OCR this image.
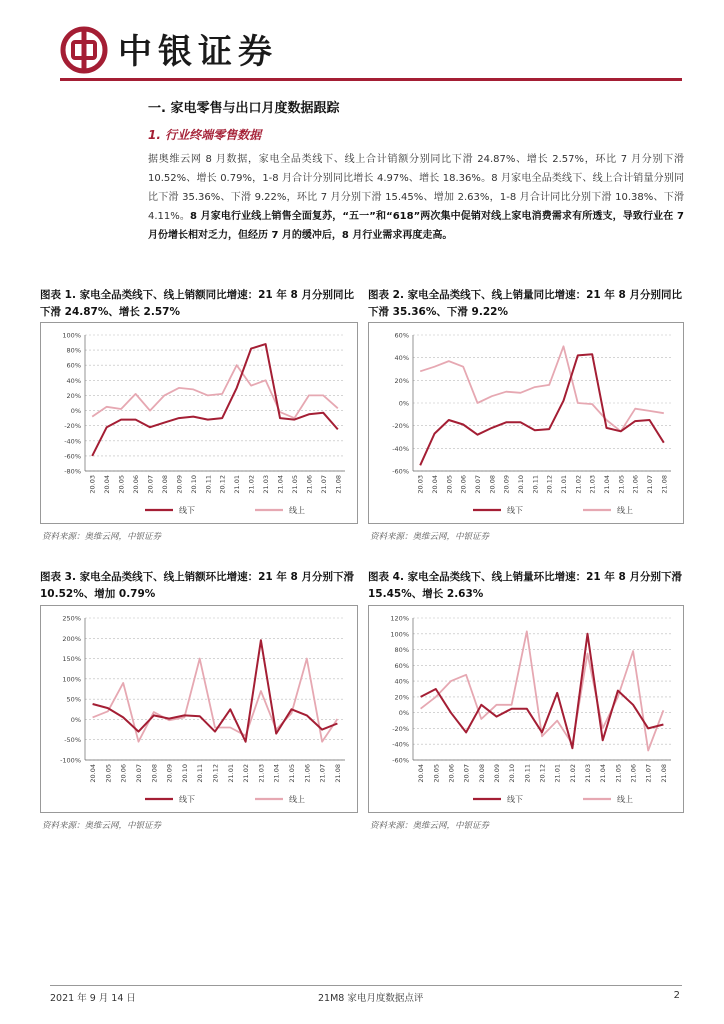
中银证券
一. 家电零售与出口月度数据跟踪
1. 行业终端零售数据
据奥维云网 8 月数据，家电全品类线下、线上合计销额分别同比下滑 24.87%、增长 2.57%，环比 7 月分别下滑 10.52%、增长 0.79%，1-8 月合计分别同比增长 4.97%、增长 18.36%。8 月家电全品类线下、线上合计销量分别同比下滑 35.36%、下滑 9.22%，环比 7 月分别下滑 15.45%、增加 2.63%，1-8 月合计同比分别下滑 10.38%、下滑 4.11%。8 月家电行业线上销售全面复苏，“五一”和“618”两次集中促销对线上家电消费需求有所透支，导致行业在 7 月份增长相对乏力，但经历 7 月的缓冲后，8 月行业需求再度走高。
图表 1. 家电全品类线下、线上销额同比增速：21 年 8 月分别同比下滑 24.87%、增长 2.57%
-80%
-60%
-40%
-20%
0%
20%
40%
60%
80%
100%
20.03 20.04 20.05 20.06 20.07 20.08 20.09 20.10 20.11 20.12 21.01 21.02 21.03 21.04 21.05 21.06 21.07 21.08
线下	线上
资料来源：奥维云网，中银证券
图表 2. 家电全品类线下、线上销量同比增速：21 年 8 月分别同比下滑 35.36%、下滑 9.22%
-60%
-40%
-20%
0%
20%
40%
60%
20.03 20.04 20.05 20.06 20.07 20.08 20.09 20.10 20.11 20.12 21.01 21.02 21.03 21.04 21.05 21.06 21.07 21.08
线下	线上
资料来源：奥维云网，中银证券
图表 3. 家电全品类线下、线上销额环比增速：21 年 8 月分别下滑 10.52%、增加 0.79%
-100%
-50%
0%
50%
100%
150%
200%
250%
20.04 20.05 20.06 20.07 20.08 20.09 20.10 20.11 20.12 21.01 21.02 21.03 21.04 21.05 21.06 21.07 21.08
线下	线上
资料来源：奥维云网，中银证券
图表 4. 家电全品类线下、线上销量环比增速：21 年 8 月分别下滑 15.45%、增长 2.63%
-60%
-40%
-20%
0%
20%
40%
60%
80%
100%
120%
20.04 20.05 20.06 20.07 20.08 20.09 20.10 20.11 20.12 21.01 21.02 21.03 21.04 21.05 21.06 21.07 21.08
线下	线上
资料来源：奥维云网，中银证券
2021 年 9 月 14 日	21M8 家电月度数据点评	2
